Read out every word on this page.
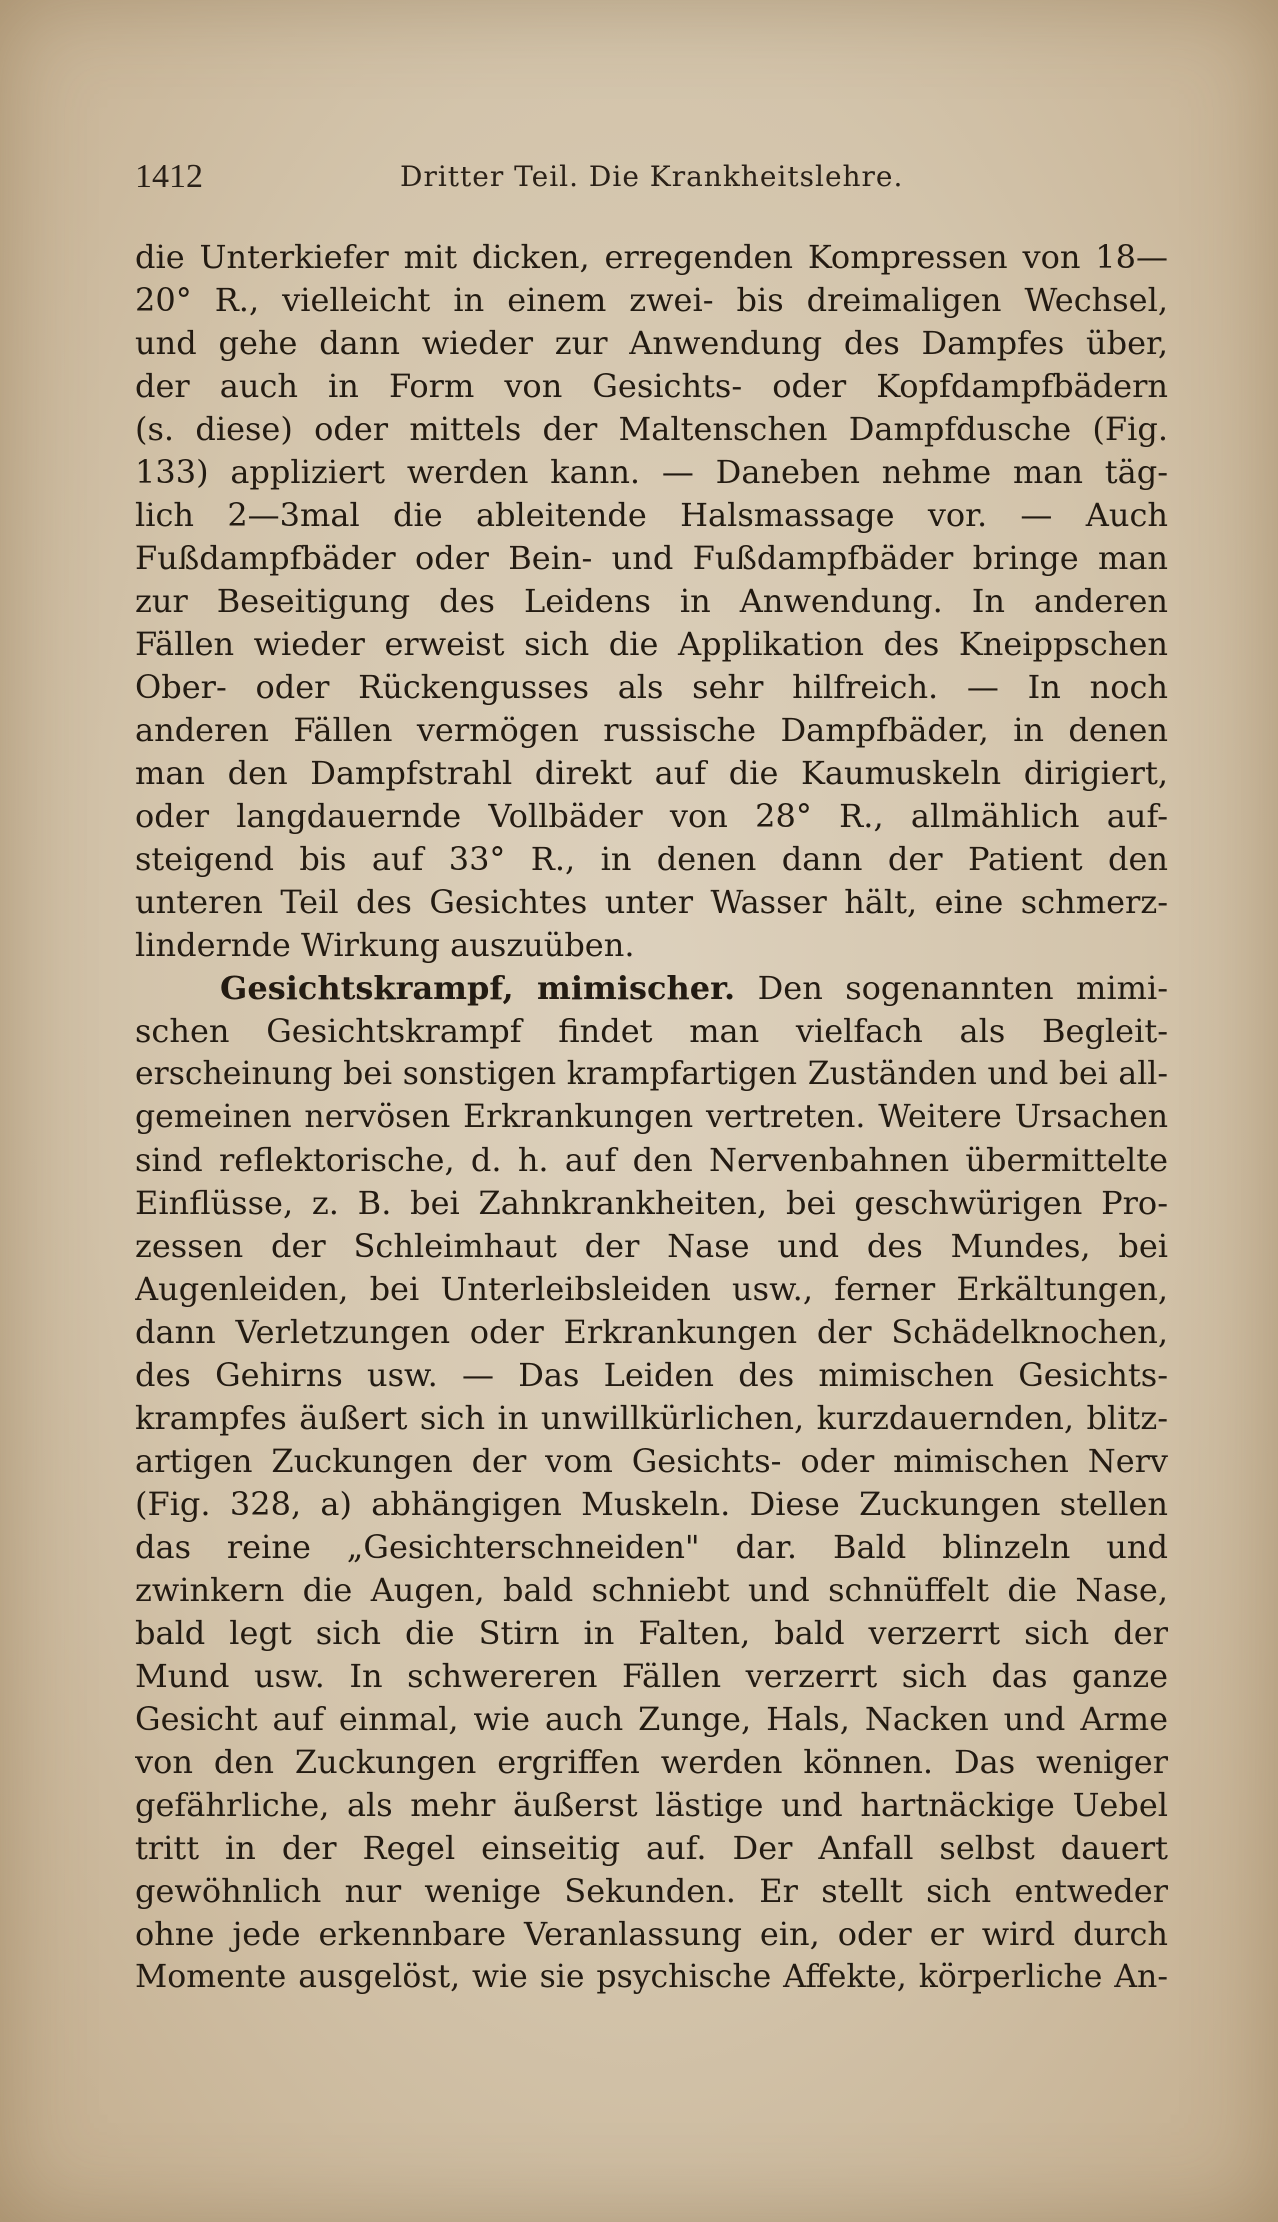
1412	Dritter Teil. Die Krankheitslehre.
die Unterkiefer mit dicken, erregenden Kompressen von 18—
20° R., vielleicht in einem zwei- bis dreimaligen Wechsel,
und gehe dann wieder zur Anwendung des Dampfes über,
der auch in Form von Gesichts- oder Kopfdampfbädern
(s. diese) oder mittels der Maltenschen Dampfdusche (Fig.
133) appliziert werden kann. — Daneben nehme man täg-
lich 2—3mal die ableitende Halsmassage vor. — Auch
Fußdampfbäder oder Bein- und Fußdampfbäder bringe man
zur Beseitigung des Leidens in Anwendung. In anderen
Fällen wieder erweist sich die Applikation des Kneippschen
Ober- oder Rückengusses als sehr hilfreich. — In noch
anderen Fällen vermögen russische Dampfbäder, in denen
man den Dampfstrahl direkt auf die Kaumuskeln dirigiert,
oder langdauernde Vollbäder von 28° R., allmählich auf-
steigend bis auf 33° R., in denen dann der Patient den
unteren Teil des Gesichtes unter Wasser hält, eine schmerz-
lindernde Wirkung auszuüben.
Gesichtskrampf, mimischer. Den sogenannten mimi-
schen Gesichtskrampf findet man vielfach als Begleit-
erscheinung bei sonstigen krampfartigen Zuständen und bei all-
gemeinen nervösen Erkrankungen vertreten. Weitere Ursachen
sind reflektorische, d. h. auf den Nervenbahnen übermittelte
Einflüsse, z. B. bei Zahnkrankheiten, bei geschwürigen Pro-
zessen der Schleimhaut der Nase und des Mundes, bei
Augenleiden, bei Unterleibsleiden usw., ferner Erkältungen,
dann Verletzungen oder Erkrankungen der Schädelknochen,
des Gehirns usw. — Das Leiden des mimischen Gesichts-
krampfes äußert sich in unwillkürlichen, kurzdauernden, blitz-
artigen Zuckungen der vom Gesichts- oder mimischen Nerv
(Fig. 328, a) abhängigen Muskeln. Diese Zuckungen stellen
das reine „Gesichterschneiden" dar. Bald blinzeln und
zwinkern die Augen, bald schniebt und schnüffelt die Nase,
bald legt sich die Stirn in Falten, bald verzerrt sich der
Mund usw. In schwereren Fällen verzerrt sich das ganze
Gesicht auf einmal, wie auch Zunge, Hals, Nacken und Arme
von den Zuckungen ergriffen werden können. Das weniger
gefährliche, als mehr äußerst lästige und hartnäckige Uebel
tritt in der Regel einseitig auf. Der Anfall selbst dauert
gewöhnlich nur wenige Sekunden. Er stellt sich entweder
ohne jede erkennbare Veranlassung ein, oder er wird durch
Momente ausgelöst, wie sie psychische Affekte, körperliche An-
